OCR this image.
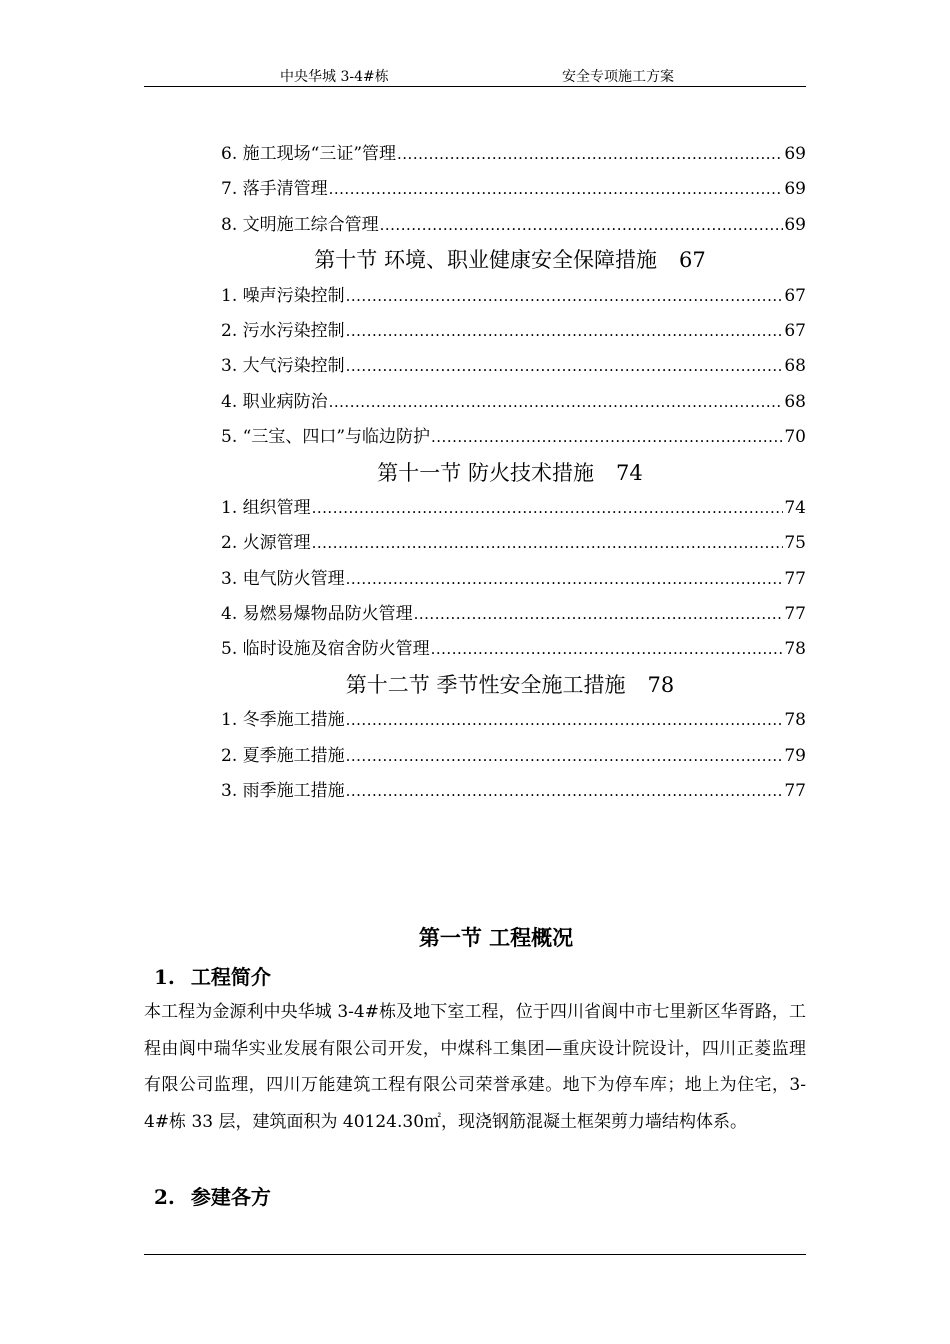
中央华城 3-4#栋	安全专项施工方案
6. 施工现场“三证”管理 .....	69
7. 落手清管理 .....	69
8. 文明施工综合管理 .....	69
第十节 环境、职业健康安全保障措施 67
1. 噪声污染控制 .....	67
2. 污水污染控制 .....	67
3. 大气污染控制 .....	68
4. 职业病防治 .....	68
5. “三宝、四口”与临边防护 .....	70
第十一节 防火技术措施 74
1. 组织管理 .....	74
2. 火源管理 .....	75
3. 电气防火管理 .....	77
4. 易燃易爆物品防火管理 .....	77
5. 临时设施及宿舍防火管理 .....	78
第十二节 季节性安全施工措施 78
1. 冬季施工措施 .....	78
2. 夏季施工措施 .....	79
3. 雨季施工措施 .....	77
第一节 工程概况
1. 工程简介
本工程为金源利中央华城 3-4#栋及地下室工程，位于四川省阆中市七里新区华胥路，工程由阆中瑞华实业发展有限公司开发，中煤科工集团—重庆设计院设计，四川正菱监理有限公司监理，四川万能建筑工程有限公司荣誉承建。地下为停车库；地上为住宅，3-4#栋 33 层，建筑面积为 40124.30㎡，现浇钢筋混凝土框架剪力墙结构体系。
2. 参建各方
